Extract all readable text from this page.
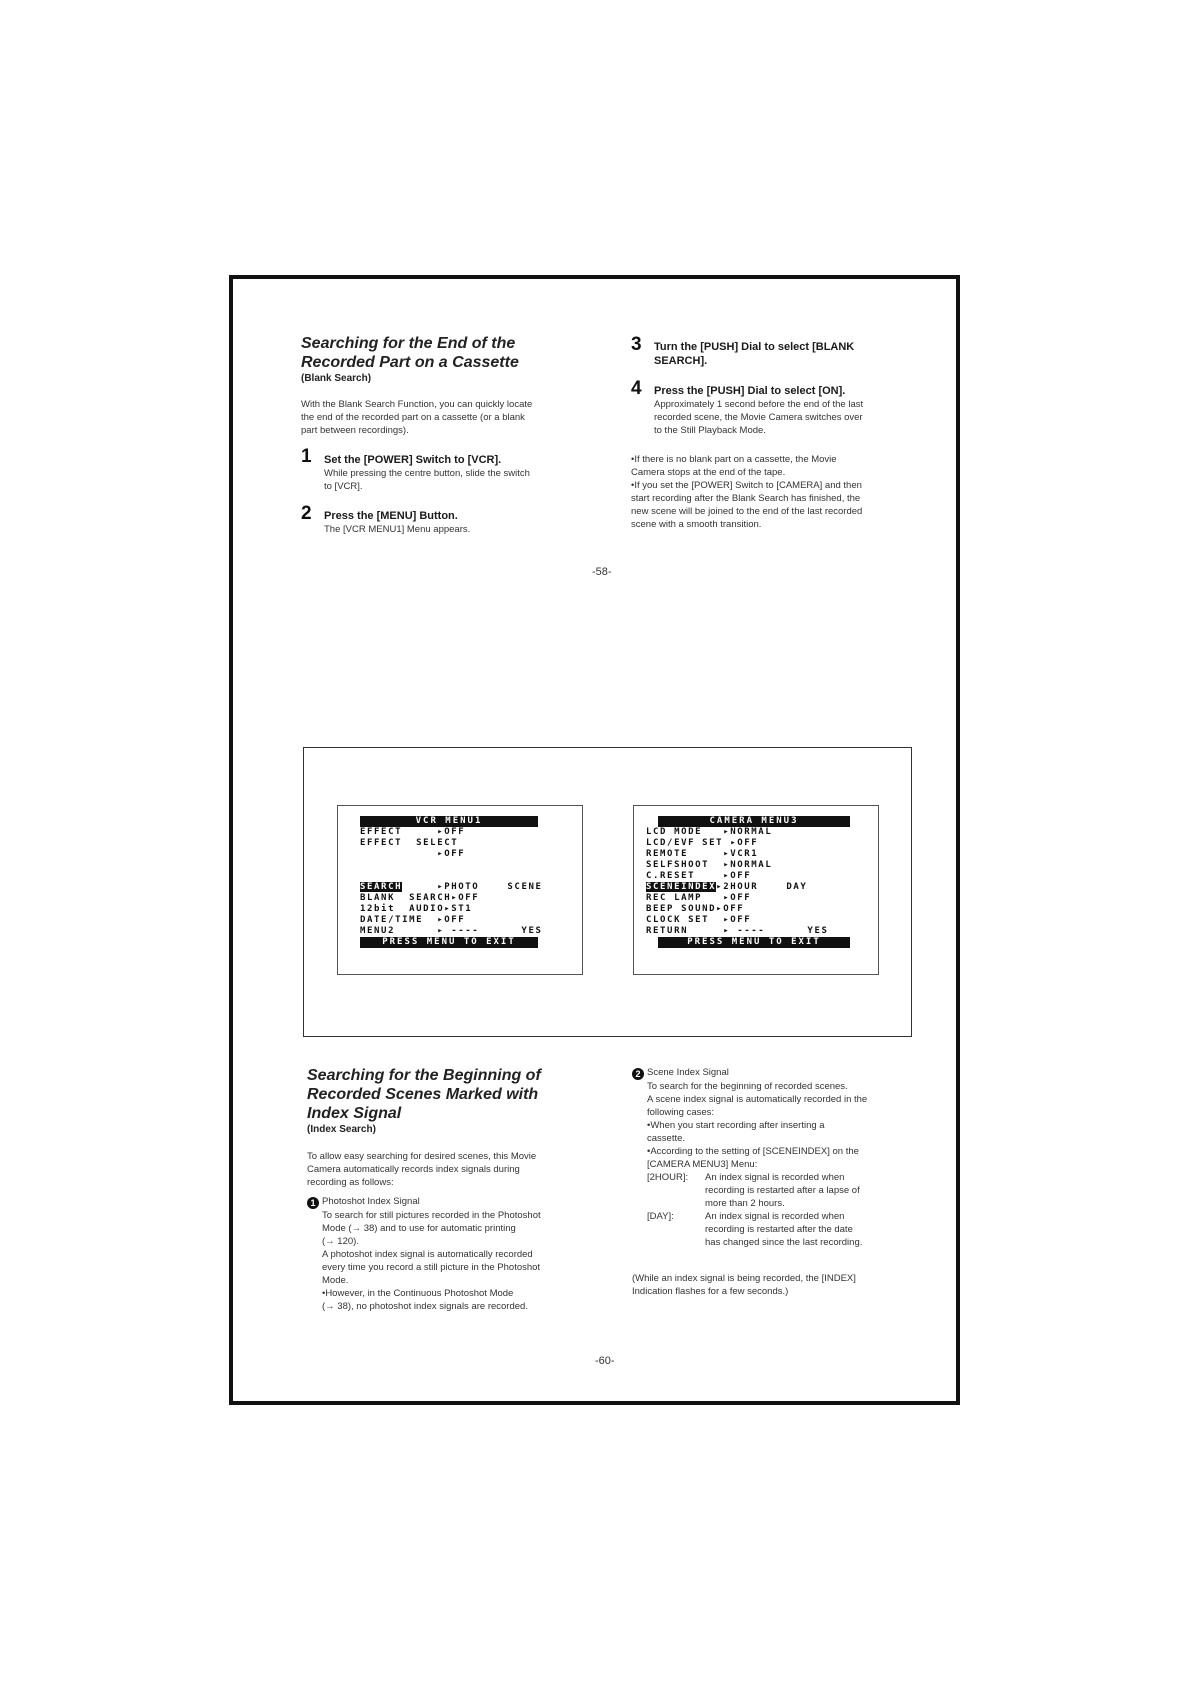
Searching for the End of the
Recorded Part on a Cassette
(Blank Search)
With the Blank Search Function, you can quickly locate
the end of the recorded part on a cassette (or a blank
part between recordings).
1 Set the [POWER] Switch to [VCR].
While pressing the centre button, slide the switch
to [VCR].
2 Press the [MENU] Button.
The [VCR MENU1] Menu appears.
3 Turn the [PUSH] Dial to select [BLANK
SEARCH].
4 Press the [PUSH] Dial to select [ON].
Approximately 1 second before the end of the last
recorded scene, the Movie Camera switches over
to the Still Playback Mode.
•If there is no blank part on a cassette, the Movie
Camera stops at the end of the tape.
•If you set the [POWER] Switch to [CAMERA] and then
start recording after the Blank Search has finished, the
new scene will be joined to the end of the last recorded
scene with a smooth transition.
-58-
VCR MENU1
EFFECT     ▸OFF
EFFECT  SELECT
▸OFF

SEARCH     ▸PHOTO    SCENE
BLANK  SEARCH▸OFF
12bit  AUDIO▸ST1
DATE/TIME  ▸OFF
MENU2      ▸ ----      YES
PRESS MENU TO EXIT
CAMERA MENU3
LCD MODE   ▸NORMAL
LCD/EVF SET ▸OFF
REMOTE     ▸VCR1
SELFSHOOT  ▸NORMAL
C.RESET    ▸OFF
SCENEINDEX▸2HOUR    DAY
REC LAMP   ▸OFF
BEEP SOUND▸OFF
CLOCK SET  ▸OFF
RETURN     ▸ ----      YES
PRESS MENU TO EXIT
Searching for the Beginning of
Recorded Scenes Marked with
Index Signal
(Index Search)
To allow easy searching for desired scenes, this Movie
Camera automatically records index signals during
recording as follows:
1 Photoshot Index Signal
To search for still pictures recorded in the Photoshot
Mode (→ 38) and to use for automatic printing
(→ 120).
A photoshot index signal is automatically recorded
every time you record a still picture in the Photoshot
Mode.
•However, in the Continuous Photoshot Mode
(→ 38), no photoshot index signals are recorded.
2 Scene Index Signal
To search for the beginning of recorded scenes.
A scene index signal is automatically recorded in the
following cases:
•When you start recording after inserting a
cassette.
•According to the setting of [SCENEINDEX] on the
[CAMERA MENU3] Menu:
[2HOUR]:	An index signal is recorded when
recording is restarted after a lapse of
more than 2 hours.
[DAY]:	An index signal is recorded when
recording is restarted after the date
has changed since the last recording.
(While an index signal is being recorded, the [INDEX]
Indication flashes for a few seconds.)
-60-
